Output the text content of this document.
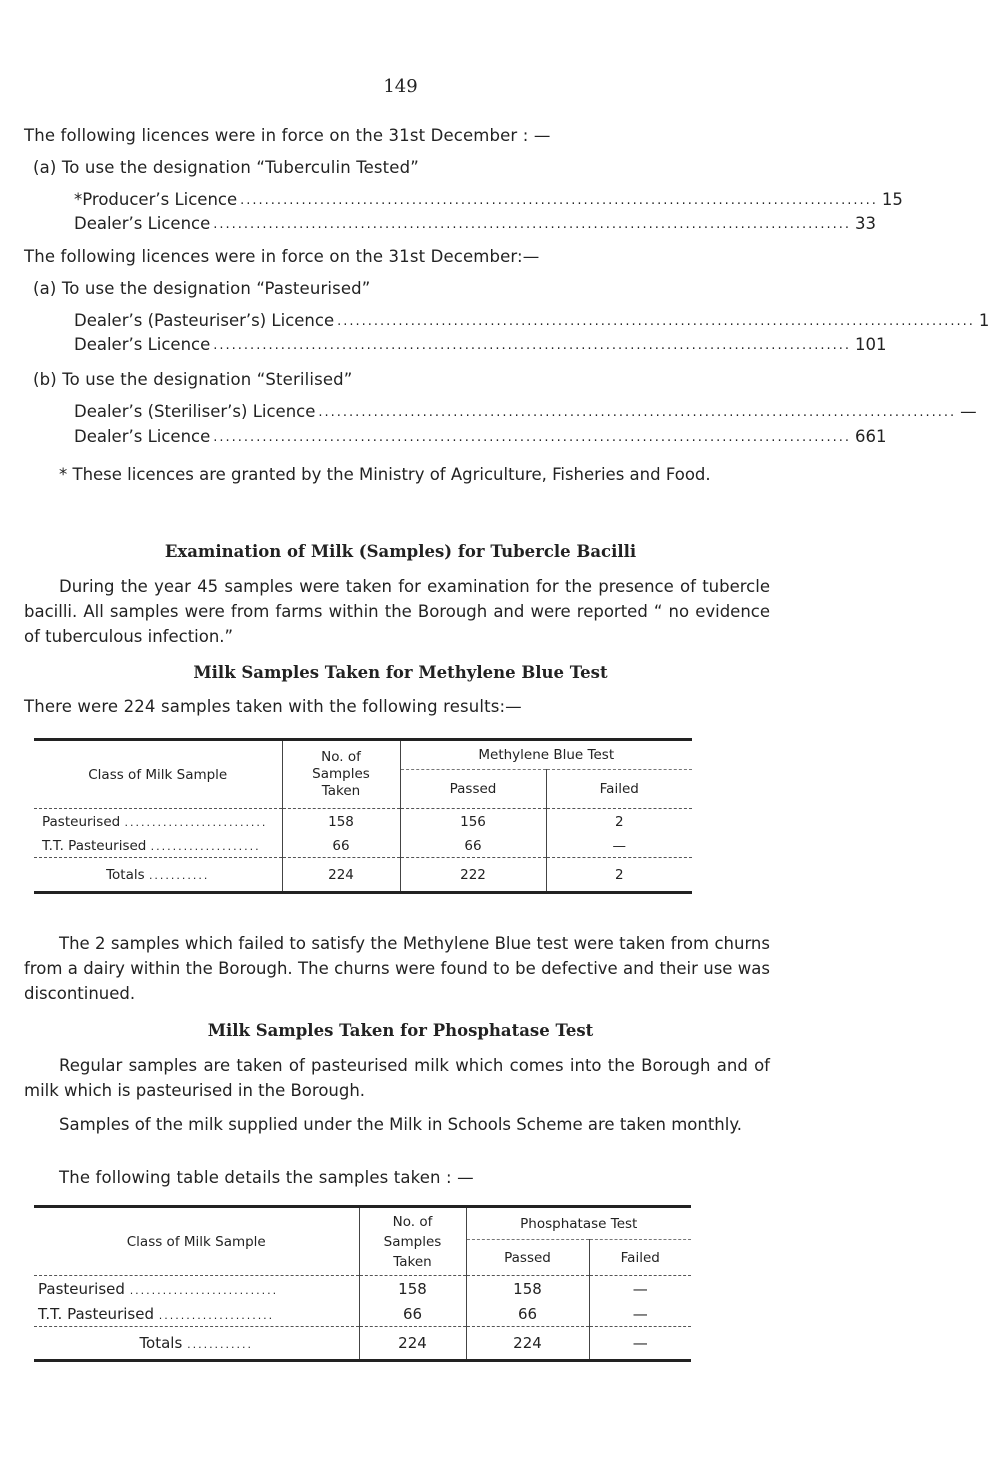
149
The following licences were in force on the 31st December : —
(a) To use the designation “Tuberculin Tested”
*Producer’s Licence ........................................................................................................ 15
Dealer’s Licence ........................................................................................................ 33
The following licences were in force on the 31st December:—
(a) To use the designation “Pasteurised”
Dealer’s (Pasteuriser’s) Licence ........................................................................................................ 1
Dealer’s Licence ........................................................................................................ 101
(b) To use the designation “Sterilised”
Dealer’s (Steriliser’s) Licence ........................................................................................................ —
Dealer’s Licence ........................................................................................................ 661
* These licences are granted by the Ministry of Agriculture, Fisheries and Food.
Examination of Milk (Samples) for Tubercle Bacilli
During the year 45 samples were taken for examination for the presence of tubercle bacilli. All samples were from farms within the Borough and were reported “ no evidence of tuberculous infection.”
Milk Samples Taken for Methylene Blue Test
There were 224 samples taken with the following results:—
Class of Milk Sample	No. of
Samples
Taken	Methylene Blue Test	
		Passed	Failed
Pasteurised ..........................	158	156	2
T.T. Pasteurised ....................	66	66	—
Totals ...........	224	222	2
The 2 samples which failed to satisfy the Methylene Blue test were taken from churns from a dairy within the Borough. The churns were found to be defective and their use was discontinued.
Milk Samples Taken for Phosphatase Test
Regular samples are taken of pasteurised milk which comes into the Borough and of milk which is pasteurised in the Borough.
Samples of the milk supplied under the Milk in Schools Scheme are taken monthly.
The following table details the samples taken : —
Class of Milk Sample	No. of
Samples
Taken	Phosphatase Test	
		Passed	Failed
Pasteurised ...........................	158	158	—
T.T. Pasteurised .....................	66	66	—
Totals ............	224	224	—
